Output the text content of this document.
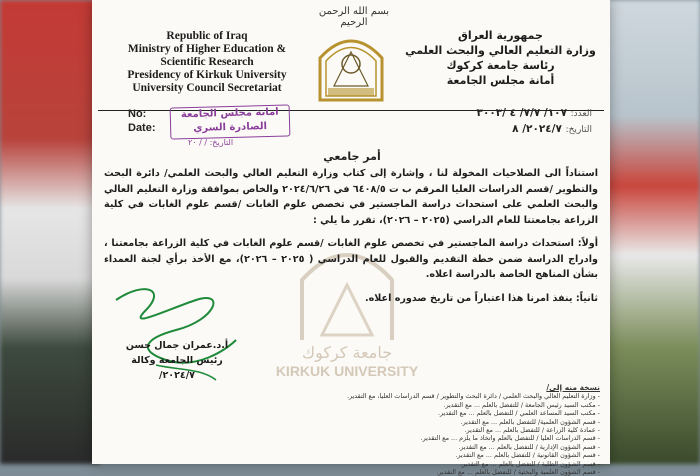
Republic of Iraq
Ministry of Higher Education &
Scientific Research
Presidency of Kirkuk University
University Council Secretariat
بسم الله الرحمن الرحيم
جمهورية العراق
وزارة التعليم العالي والبحث العلمي
رئاسة جامعة كركوك
أمانة مجلس الجامعة
No:
Date:
امانة مجلس الجامعة
الصادرة السري
التاريخ: / / ٢٠
العدد: ١٠٧/ ٧/٧/ ٤ /٣٠٠٣
التاريخ: ٢٠٢٤/٧/ ٨
جامعة كركوك
KIRKUK UNIVERSITY
أمر جامعي

استناداً الى الصلاحيات المخولة لنا ، وإشارة إلى كتاب وزارة التعليم العالي والبحث العلمي/ دائرة البحث والتطوير /قسم الدراسات العليا المرقم ب ت ٦٤٠٨/٥ في ٢٠٢٤/٦/٢٦ والخاص بموافقة وزارة التعليم العالي والبحث العلمي على استحداث دراسة الماجستير في تخصص علوم الغابات /قسم علوم الغابات في كلية الزراعة بجامعتنا للعام الدراسي (٢٠٢٥ – ٢٠٢٦)، تقرر ما يلي :

أولاً: استحداث دراسة الماجستير في تخصص علوم الغابات /قسم علوم الغابات في كلية الزراعة بجامعتنا ، وادراج الدراسة ضمن خطة التقديم والقبول للعام الدراسي ( ٢٠٢٥ – ٢٠٢٦)، مع الأخذ برأي لجنة العمداء بشأن المناهج الخاصة بالدراسة اعلاه.

ثانياً: ينفذ امرنا هذا اعتباراً من تاريخ صدوره اعلاه.

أ.د.عمران جمال حسن
رئيس الجامعة وكالة
٢٠٢٤/٧/
نسخة منه إلى/
- وزارة التعليم العالي والبحث العلمي / دائرة البحث والتطوير / قسم الدراسات العليا، مع التقدير.
- مكتب السيد رئيس الجامعة / للتفضل بالعلم ... مع التقدير.
- مكتب السيد المساعد العلمي / للتفضل بالعلم ... مع التقدير.
- قسم الشؤون العلمية/ للتفضل بالعلم ... مع التقدير.
- عمادة كلية الزراعة / للتفضل بالعلم ... مع التقدير.
- قسم الدراسات العليا / للتفضل بالعلم واتخاذ ما يلزم ... مع التقدير.
- قسم الشؤون الإدارية / للتفضل بالعلم ... مع التقدير.
- قسم الشؤون القانونية / للتفضل بالعلم ... مع التقدير.
- قسم الشؤون الطلبة / للتفضل بالعلم ... مع التقدير.
- قسم الشؤون العلمية والبحثية / للتفضل بالعلم ... مع التقدير.
